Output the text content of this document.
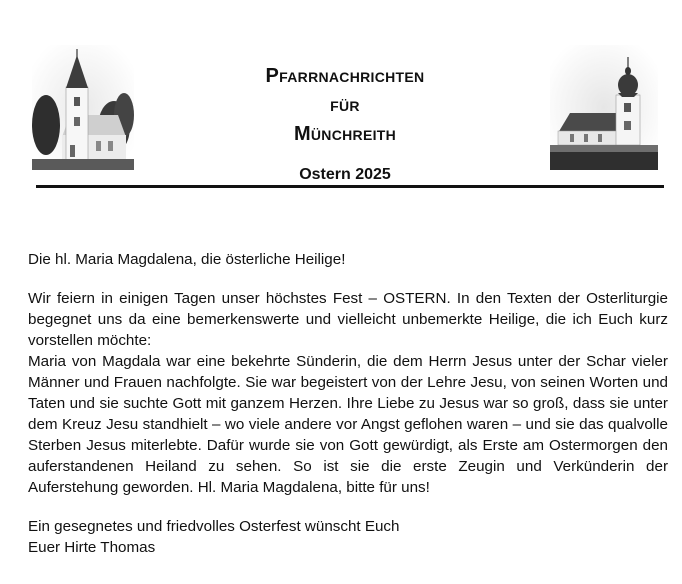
Pfarrnachrichten
für
Münchreith
Ostern 2025

Die hl. Maria Magdalena, die österliche Heilige!

Wir feiern in einigen Tagen unser höchstes Fest – OSTERN. In den Texten der Osterliturgie begegnet uns da eine bemerkenswerte und vielleicht unbemerkte Heilige, die ich Euch kurz vorstellen möchte:

Maria von Magdala war eine bekehrte Sünderin, die dem Herrn Jesus unter der Schar vieler Männer und Frauen nachfolgte. Sie war begeistert von der Lehre Jesu, von seinen Worten und Taten und sie suchte Gott mit ganzem Herzen. Ihre Liebe zu Jesus war so groß, dass sie unter dem Kreuz Jesu standhielt – wo viele andere vor Angst geflohen waren – und sie das qualvolle Sterben Jesus miterlebte. Dafür wurde sie von Gott gewürdigt, als Erste am Ostermorgen den auferstandenen Heiland zu sehen. So ist sie die erste Zeugin und Verkünderin der Auferstehung geworden. Hl. Maria Magdalena, bitte für uns!

Ein gesegnetes und friedvolles Osterfest wünscht Euch

Euer Hirte Thomas
